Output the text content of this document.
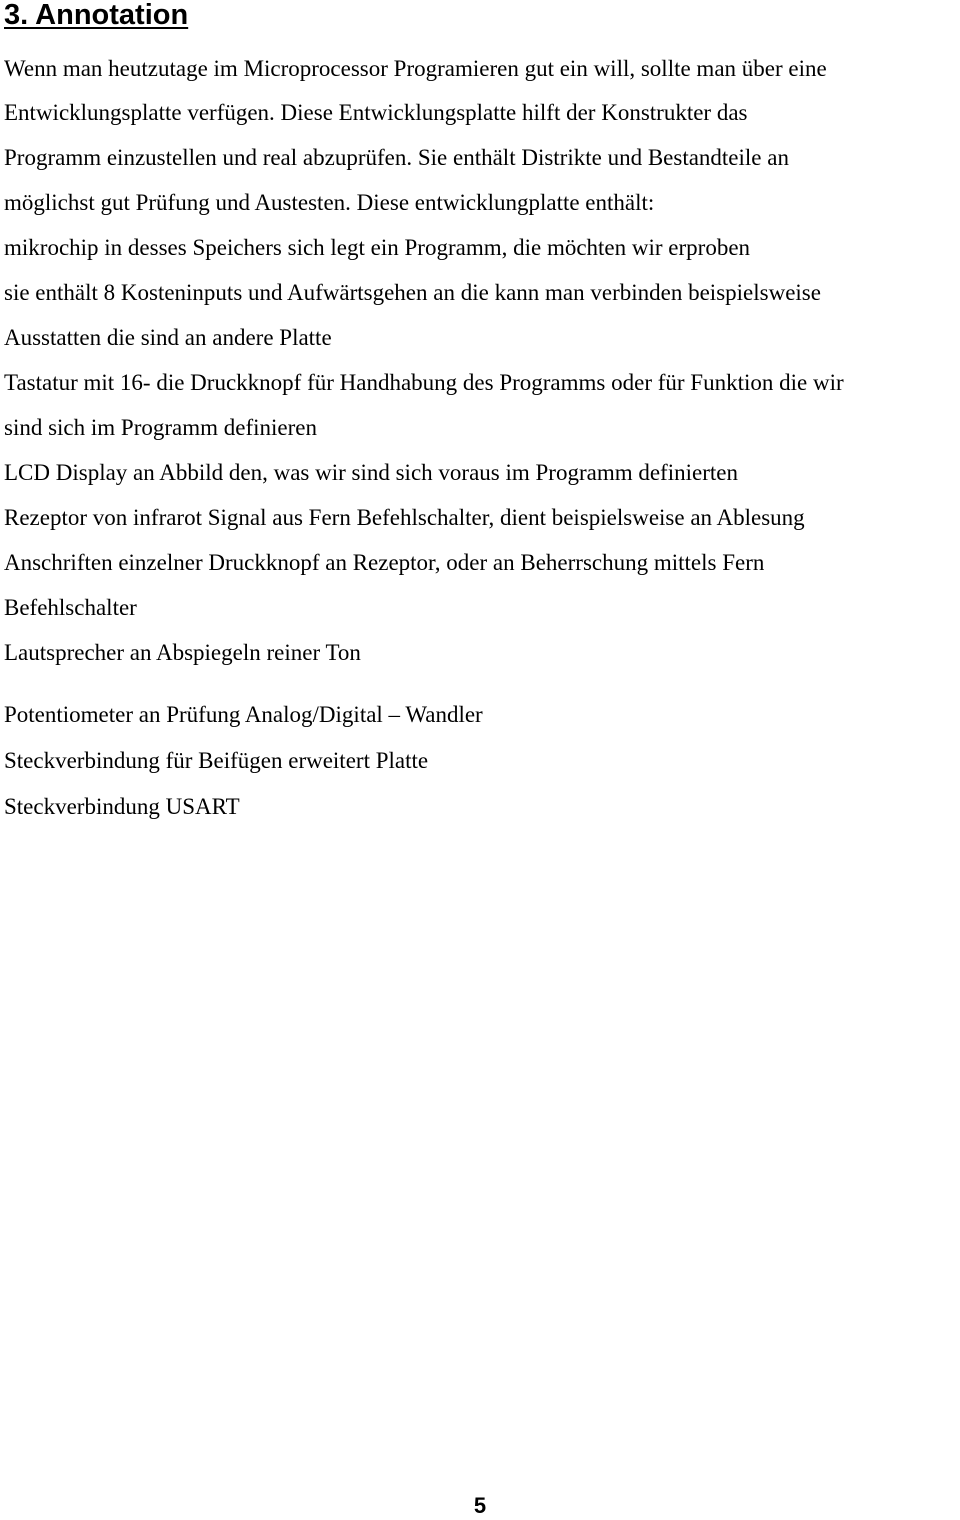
3. Annotation

Wenn man heutzutage im Microprocessor Programieren gut ein will, sollte man über eine

Entwicklungsplatte verfügen. Diese Entwicklungsplatte hilft der Konstrukter das

Programm einzustellen und real abzuprüfen. Sie enthält Distrikte und Bestandteile an

möglichst gut Prüfung und Austesten. Diese entwicklungplatte enthält:

mikrochip in desses Speichers sich legt ein Programm, die möchten wir erproben

sie enthält 8 Kosteninputs und Aufwärtsgehen an die kann man verbinden beispielsweise

Ausstatten die sind an andere Platte

Tastatur mit 16- die Druckknopf für Handhabung des Programms oder für Funktion die wir

sind sich im Programm definieren

LCD Display an Abbild den, was wir sind sich voraus im Programm definierten

Rezeptor von infrarot Signal aus Fern Befehlschalter, dient beispielsweise an Ablesung

Anschriften einzelner Druckknopf an Rezeptor, oder an Beherrschung mittels Fern

Befehlschalter

Lautsprecher an Abspiegeln reiner Ton

Potentiometer an Prüfung Analog/Digital – Wandler

Steckverbindung für Beifügen erweitert Platte

Steckverbindung USART

5
